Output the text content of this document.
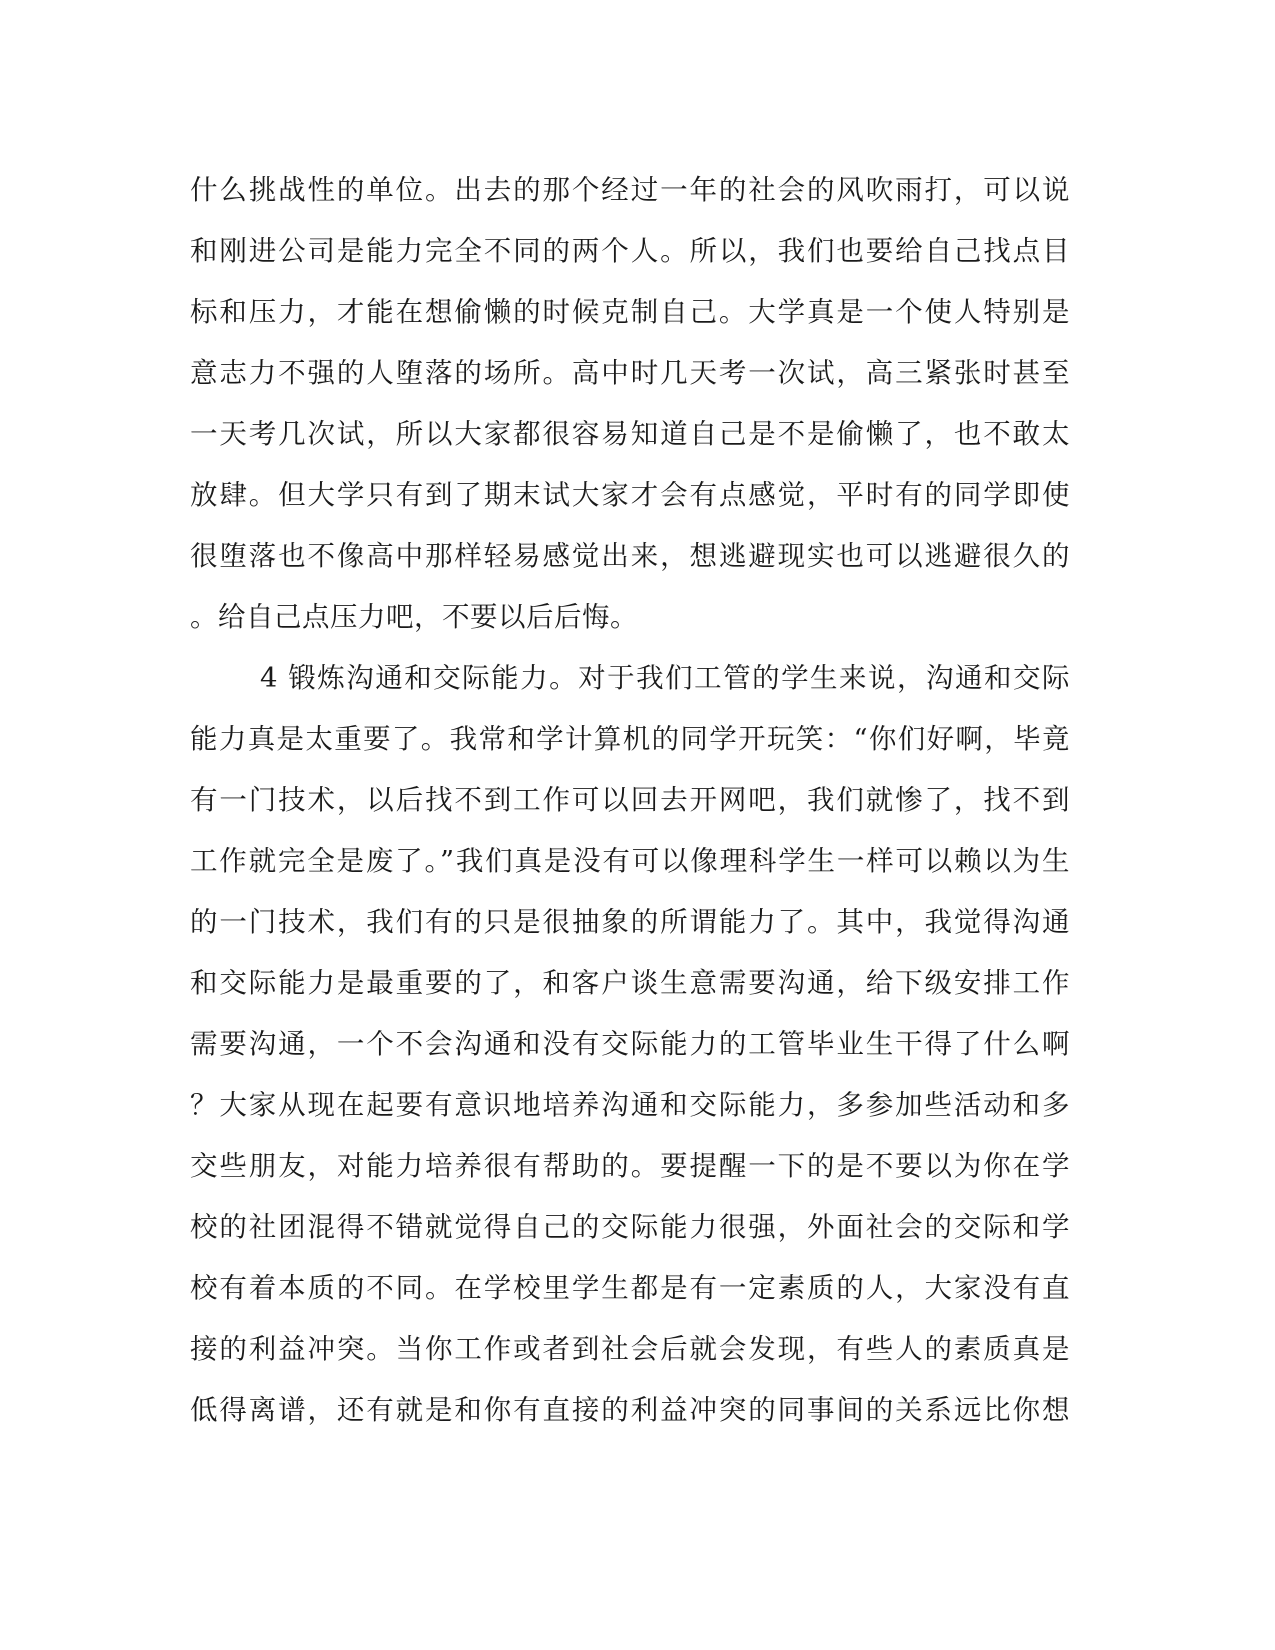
什么挑战性的单位。出去的那个经过一年的社会的风吹雨打，可以说
和刚进公司是能力完全不同的两个人。所以，我们也要给自己找点目
标和压力，才能在想偷懒的时候克制自己。大学真是一个使人特别是
意志力不强的人堕落的场所。高中时几天考一次试，高三紧张时甚至
一天考几次试，所以大家都很容易知道自己是不是偷懒了，也不敢太
放肆。但大学只有到了期末试大家才会有点感觉，平时有的同学即使
很堕落也不像高中那样轻易感觉出来，想逃避现实也可以逃避很久的
。给自己点压力吧，不要以后后悔。
4 锻炼沟通和交际能力。对于我们工管的学生来说，沟通和交际
能力真是太重要了。我常和学计算机的同学开玩笑：“你们好啊，毕竟
有一门技术，以后找不到工作可以回去开网吧，我们就惨了，找不到
工作就完全是废了。”我们真是没有可以像理科学生一样可以赖以为生
的一门技术，我们有的只是很抽象的所谓能力了。其中，我觉得沟通
和交际能力是最重要的了，和客户谈生意需要沟通，给下级安排工作
需要沟通，一个不会沟通和没有交际能力的工管毕业生干得了什么啊
？大家从现在起要有意识地培养沟通和交际能力，多参加些活动和多
交些朋友，对能力培养很有帮助的。要提醒一下的是不要以为你在学
校的社团混得不错就觉得自己的交际能力很强，外面社会的交际和学
校有着本质的不同。在学校里学生都是有一定素质的人，大家没有直
接的利益冲突。当你工作或者到社会后就会发现，有些人的素质真是
低得离谱，还有就是和你有直接的利益冲突的同事间的关系远比你想
